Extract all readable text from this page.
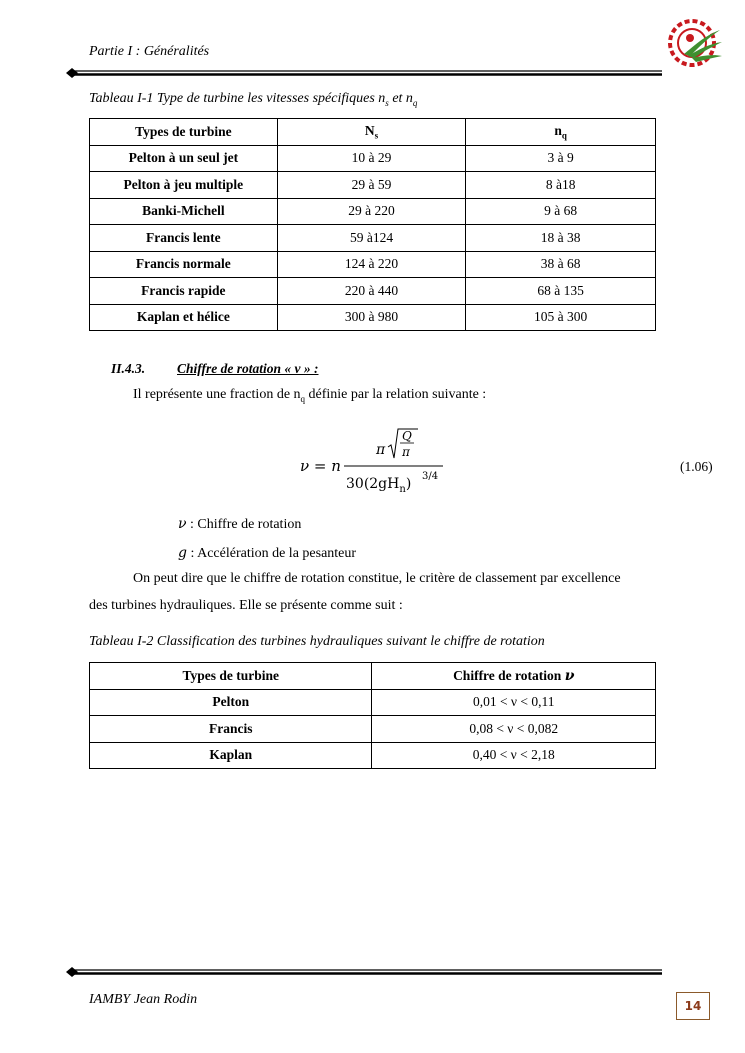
Partie I : Généralités
Tableau I-1 Type de turbine les vitesses spécifiques $n_s$ et $n_q$
Types de turbine	$N_s$	$n_q$
Pelton à un seul jet	10 à 29	3 à 9
Pelton à jeu multiple	29 à 59	8 à18
Banki-Michell	29 à 220	9 à 68
Francis lente	59 à124	18 à 38
Francis normale	124 à 220	38 à 68
Francis rapide	220 à 440	68 à 135
Kaplan et hélice	300 à 980	105 à 300
II.4.3. Chiffre de rotation « ν » :
Il représente une fraction de $n_q$ définie par la relation suivante :
ν = n
π
Q
π
$30(2gH_n)$ 3/4
(1.06)
ν : Chiffre de rotation
g : Accélération de la pesanteur
On peut dire que le chiffre de rotation constitue, le critère de classement par excellence
des turbines hydrauliques. Elle se présente comme suit :
Tableau I-2 Classification des turbines hydrauliques suivant le chiffre de rotation
Types de turbine	Chiffre de rotation ν
Pelton	0,01 < ν < 0,11
Francis	0,08 < ν < 0,082
Kaplan	0,40 < ν < 2,18
IAMBY Jean Rodin	14
